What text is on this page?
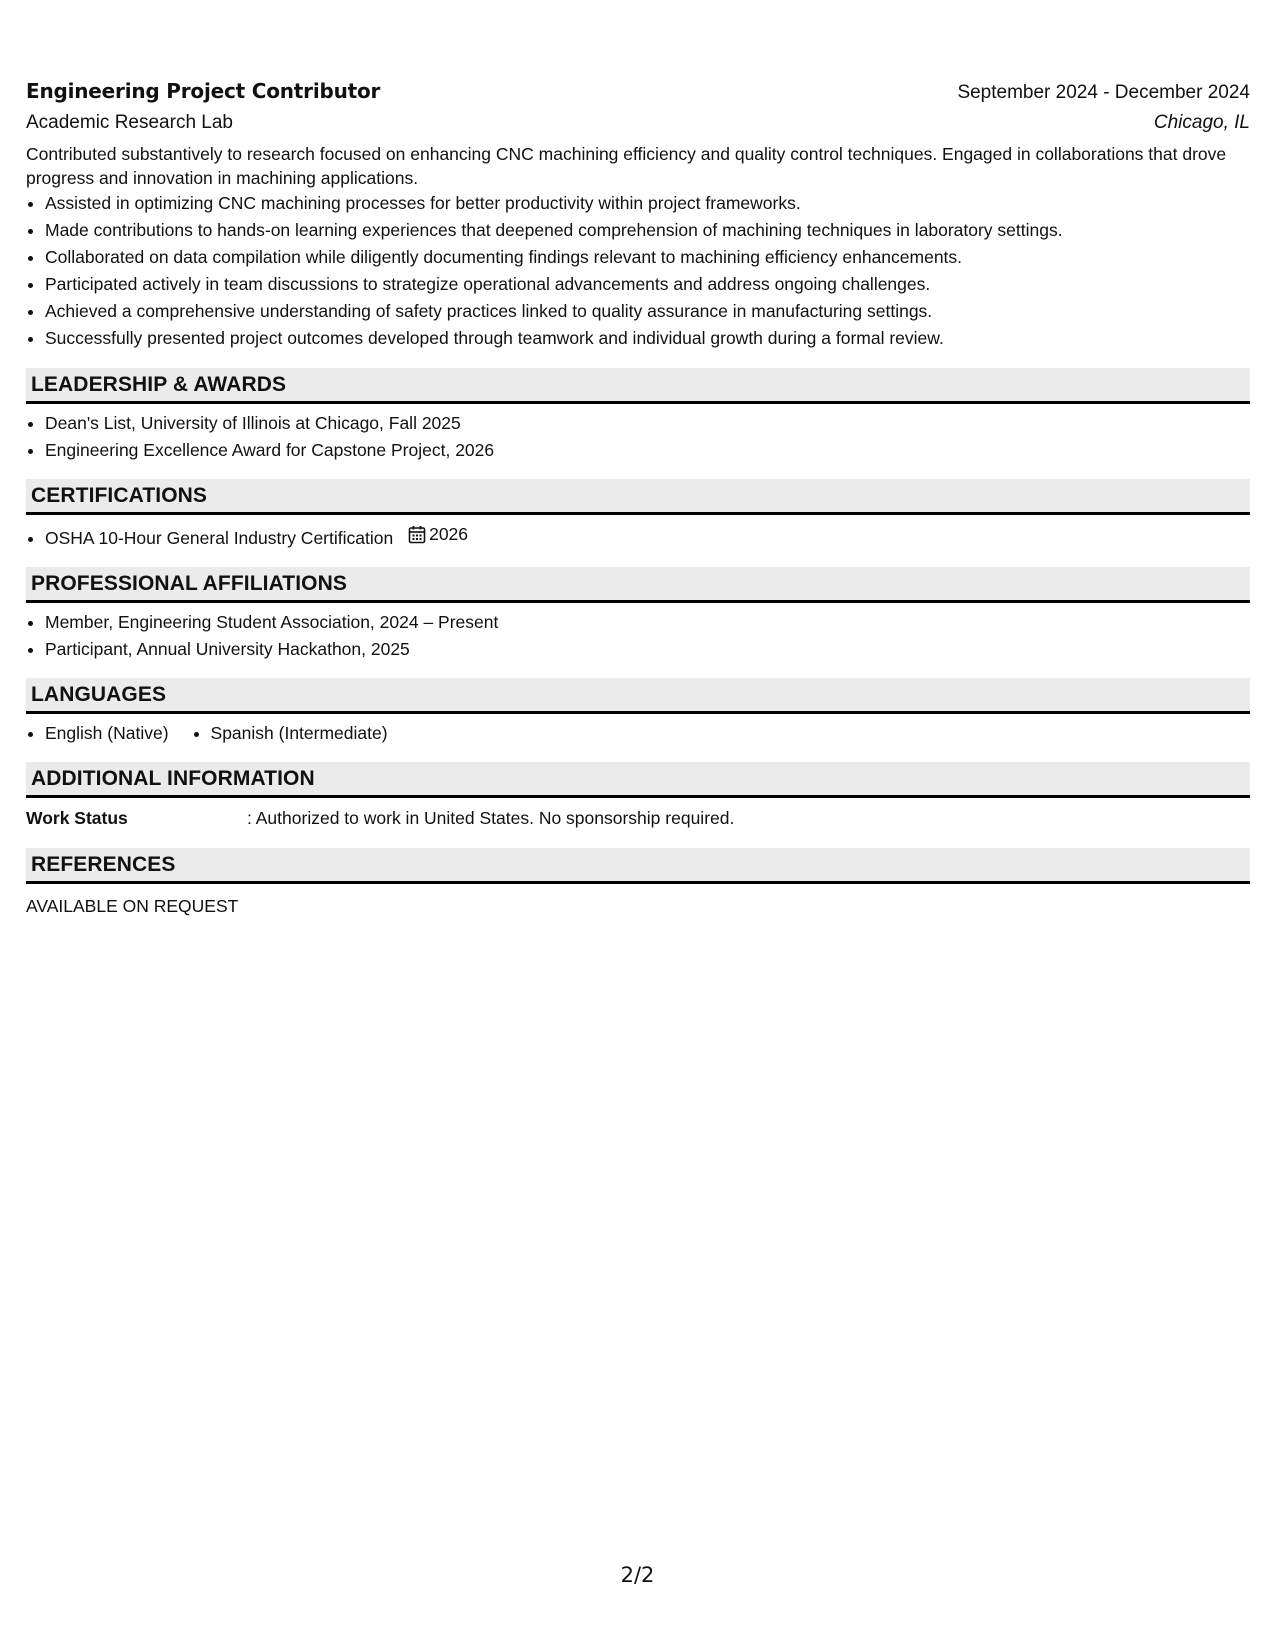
Engineering Project Contributor	September 2024 - December 2024
Academic Research Lab	Chicago, IL
Contributed substantively to research focused on enhancing CNC machining efficiency and quality control techniques. Engaged in collaborations that drove progress and innovation in machining applications.
• Assisted in optimizing CNC machining processes for better productivity within project frameworks.
• Made contributions to hands-on learning experiences that deepened comprehension of machining techniques in laboratory settings.
• Collaborated on data compilation while diligently documenting findings relevant to machining efficiency enhancements.
• Participated actively in team discussions to strategize operational advancements and address ongoing challenges.
• Achieved a comprehensive understanding of safety practices linked to quality assurance in manufacturing settings.
• Successfully presented project outcomes developed through teamwork and individual growth during a formal review.
LEADERSHIP & AWARDS
• Dean's List, University of Illinois at Chicago, Fall 2025
• Engineering Excellence Award for Capstone Project, 2026
CERTIFICATIONS
• OSHA 10-Hour General Industry Certification 2026
PROFESSIONAL AFFILIATIONS
• Member, Engineering Student Association, 2024 – Present
• Participant, Annual University Hackathon, 2025
LANGUAGES
• English (Native)
• Spanish (Intermediate)
ADDITIONAL INFORMATION
Work Status	: Authorized to work in United States. No sponsorship required.
REFERENCES
AVAILABLE ON REQUEST
2/2
